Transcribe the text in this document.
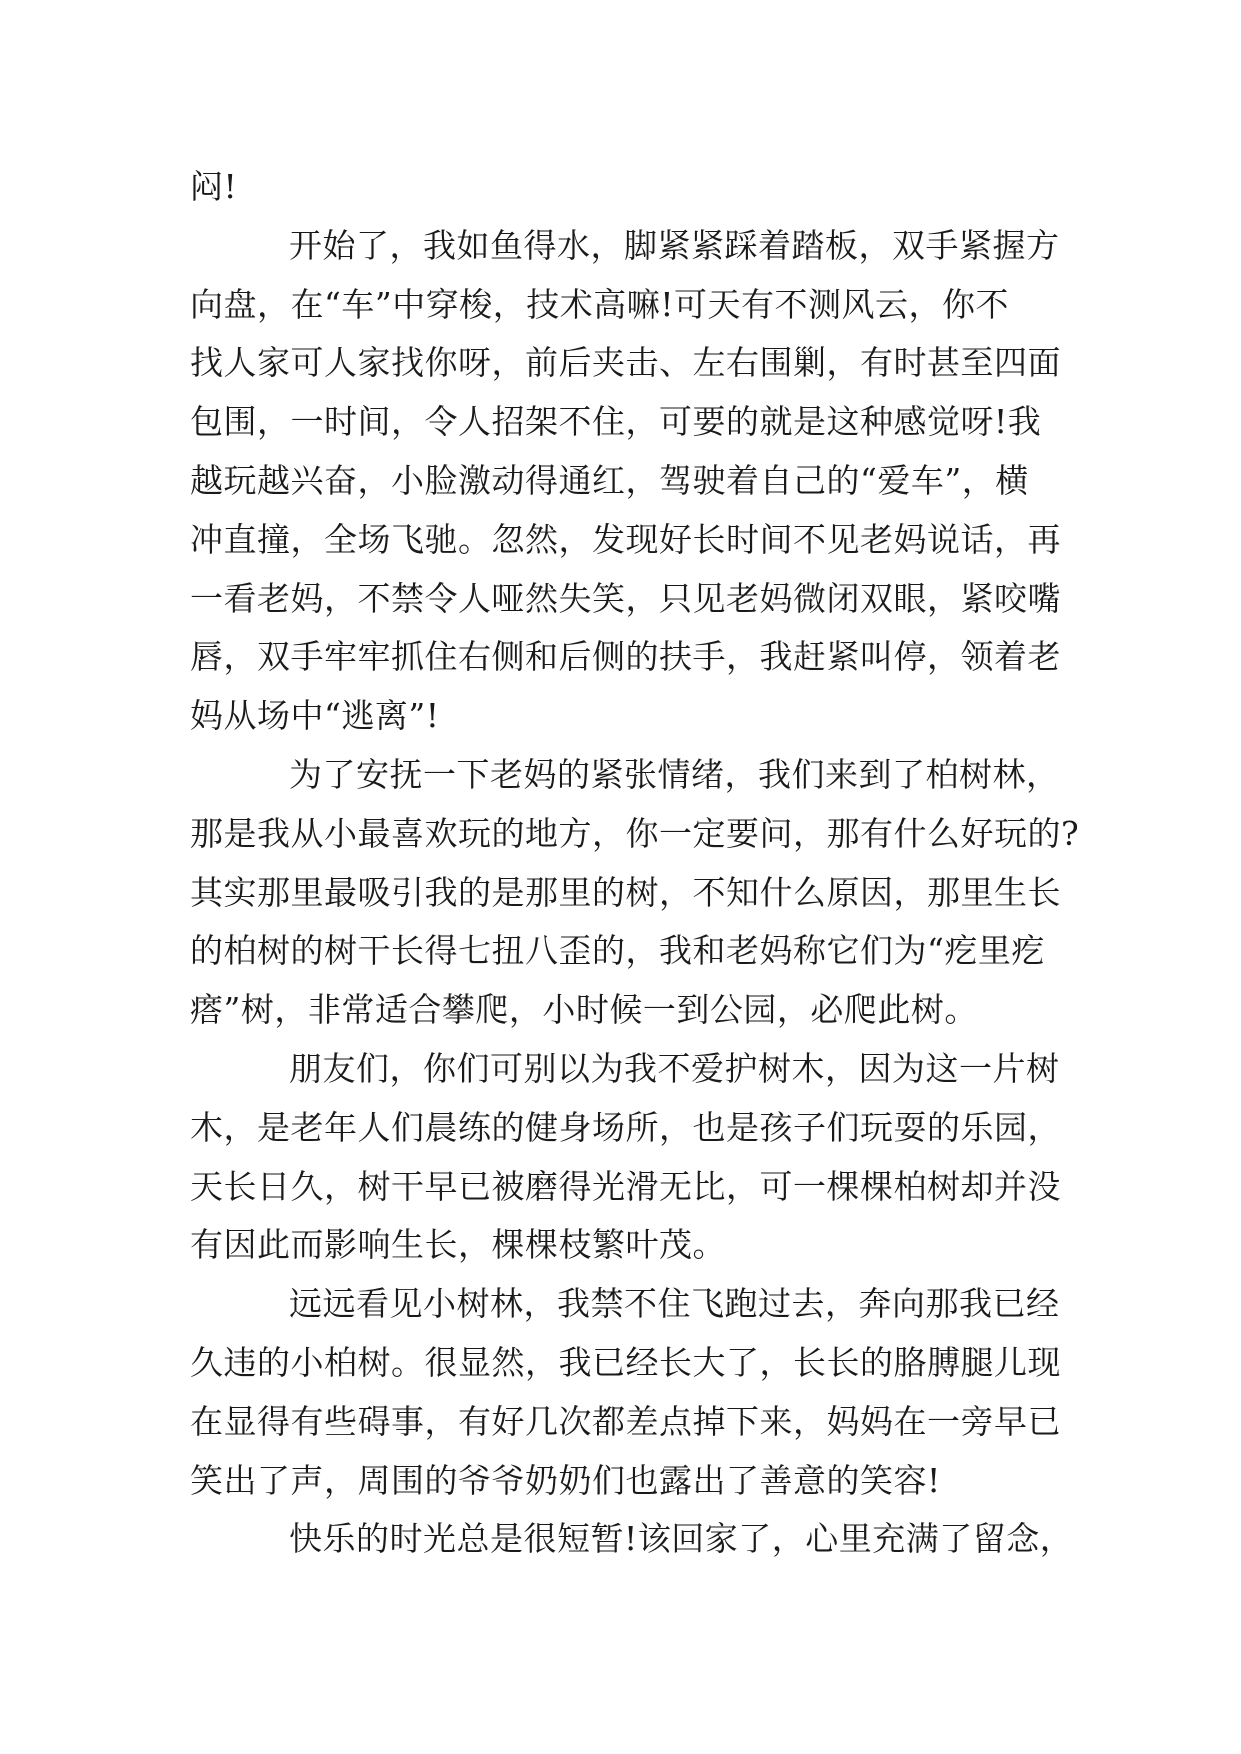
闷!
开始了，我如鱼得水，脚紧紧踩着踏板，双手紧握方
向盘，在“车”中穿梭，技术高嘛!可天有不测风云，你不
找人家可人家找你呀，前后夹击、左右围剿，有时甚至四面
包围，一时间，令人招架不住，可要的就是这种感觉呀!我
越玩越兴奋，小脸激动得通红，驾驶着自己的“爱车”，横
冲直撞，全场飞驰。忽然，发现好长时间不见老妈说话，再
一看老妈，不禁令人哑然失笑，只见老妈微闭双眼，紧咬嘴
唇，双手牢牢抓住右侧和后侧的扶手，我赶紧叫停，领着老
妈从场中“逃离”!
为了安抚一下老妈的紧张情绪，我们来到了柏树林，
那是我从小最喜欢玩的地方，你一定要问，那有什么好玩的?
其实那里最吸引我的是那里的树，不知什么原因，那里生长
的柏树的树干长得七扭八歪的，我和老妈称它们为“疙里疙
瘩”树，非常适合攀爬，小时候一到公园，必爬此树。
朋友们，你们可别以为我不爱护树木，因为这一片树
木，是老年人们晨练的健身场所，也是孩子们玩耍的乐园，
天长日久，树干早已被磨得光滑无比，可一棵棵柏树却并没
有因此而影响生长，棵棵枝繁叶茂。
远远看见小树林，我禁不住飞跑过去，奔向那我已经
久违的小柏树。很显然，我已经长大了，长长的胳膊腿儿现
在显得有些碍事，有好几次都差点掉下来，妈妈在一旁早已
笑出了声，周围的爷爷奶奶们也露出了善意的笑容!
快乐的时光总是很短暂!该回家了，心里充满了留念，
